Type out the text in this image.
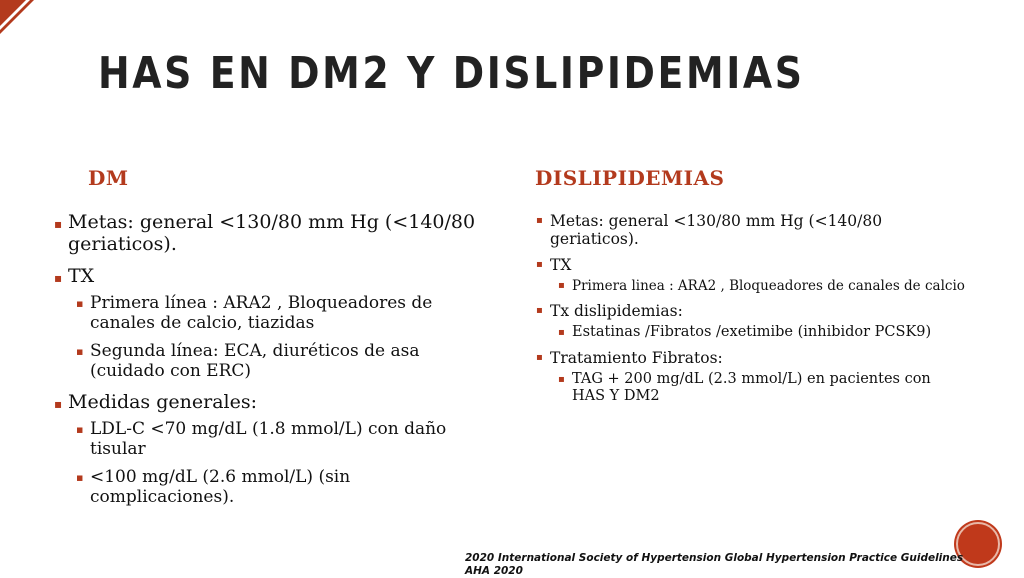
HAS EN DM2 Y DISLIPIDEMIAS
DM	DISLIPIDEMIAS
▪ Metas: general <130/80 mm Hg (<140/80 geriaticos).
▪ TX
▪ Primera línea : ARA2 , Bloqueadores de canales de calcio, tiazidas
▪ Segunda línea: ECA, diuréticos de asa (cuidado con ERC)
▪ Medidas generales:
▪ LDL-C <70 mg/dL (1.8 mmol/L) con daño tisular
▪ <100 mg/dL (2.6 mmol/L) (sin complicaciones).
▪ Metas: general <130/80 mm Hg (<140/80 geriaticos).
▪ TX
▪ Primera linea : ARA2 , Bloqueadores de canales de calcio
▪ Tx dislipidemias:
▪ Estatinas /Fibratos /exetimibe (inhibidor PCSK9)
▪ Tratamiento Fibratos:
▪ TAG + 200 mg/dL (2.3 mmol/L) en pacientes con HAS Y DM2
2020 International Society of Hypertension Global Hypertension Practice Guidelines
AHA 2020
